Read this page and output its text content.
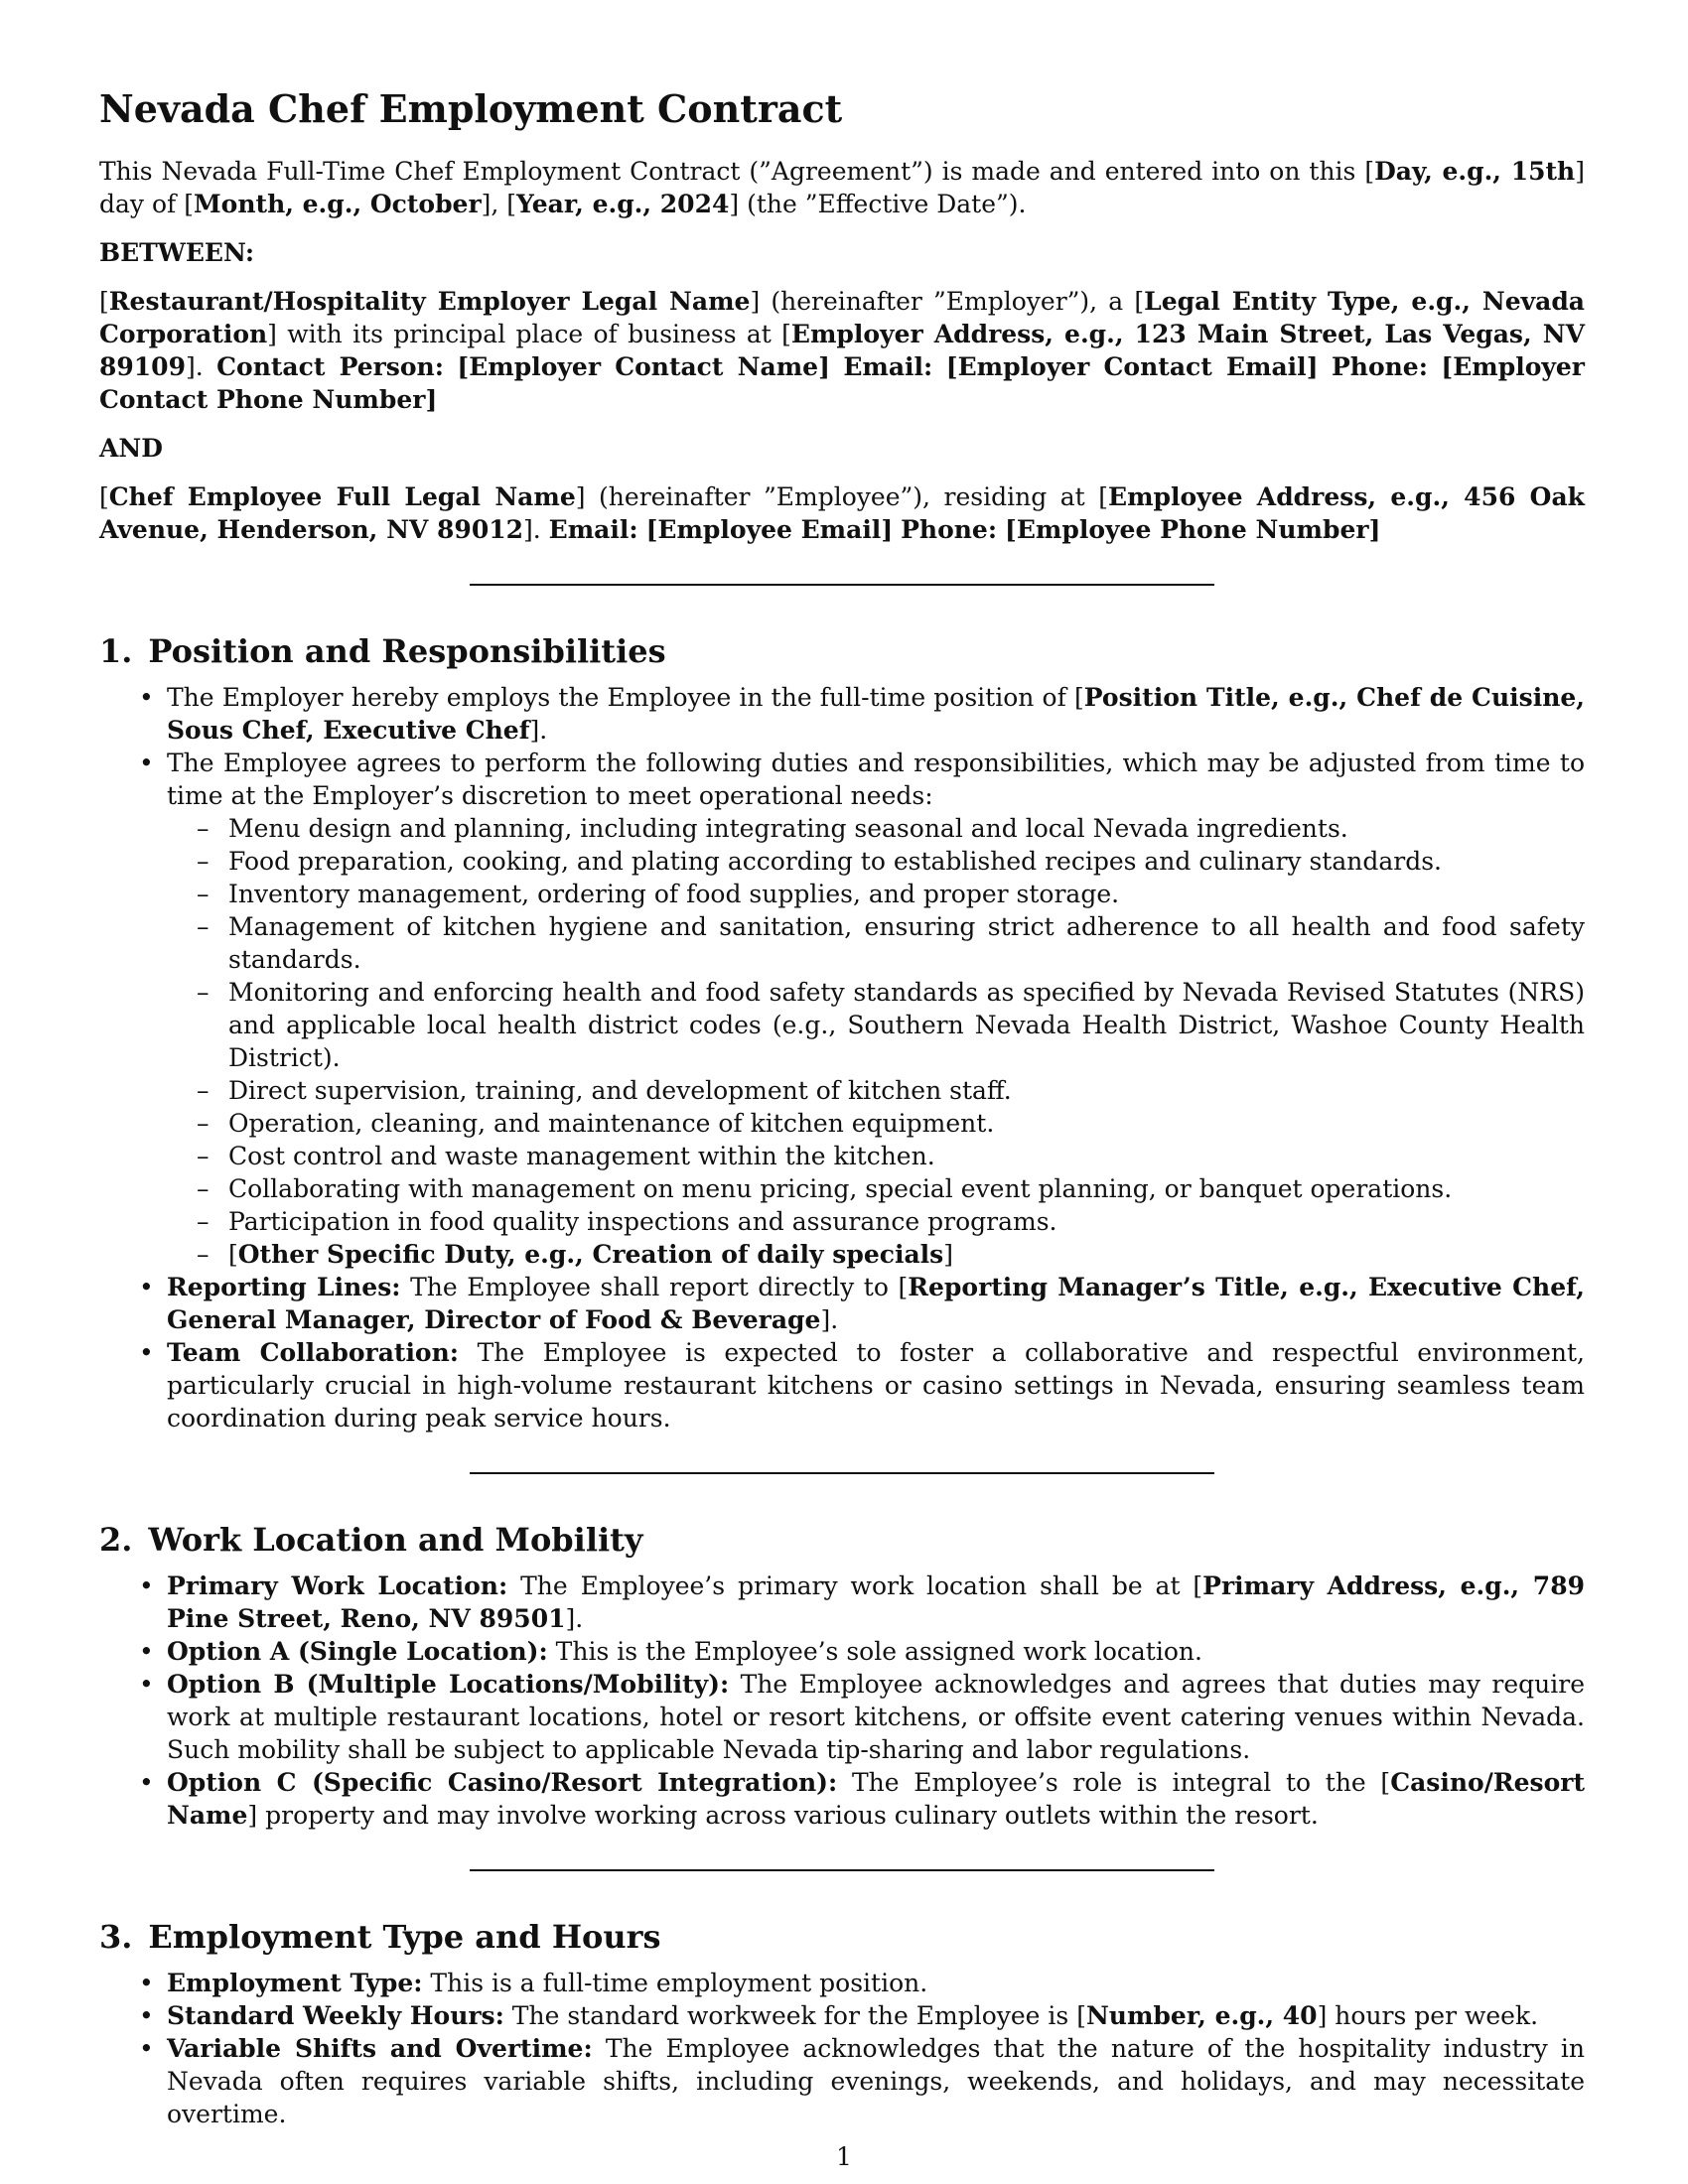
Nevada Chef Employment Contract

This Nevada Full-Time Chef Employment Contract (”Agreement”) is made and entered into on this [Day, e.g., 15th] day of [Month, e.g., October], [Year, e.g., 2024] (the ”Effective Date”).

BETWEEN:

[Restaurant/Hospitality Employer Legal Name] (hereinafter ”Employer”), a [Legal Entity Type, e.g., Nevada Corporation] with its principal place of business at [Employer Address, e.g., 123 Main Street, Las Vegas, NV 89109]. Contact Person: [Employer Contact Name] Email: [Employer Contact Email] Phone: [Employer Contact Phone Number]

AND

[Chef Employee Full Legal Name] (hereinafter ”Employee”), residing at [Employee Address, e.g., 456 Oak Avenue, Henderson, NV 89012]. Email: [Employee Email] Phone: [Employee Phone Number]

1. Position and Responsibilities
• The Employer hereby employs the Employee in the full-time position of [Position Title, e.g., Chef de Cuisine, Sous Chef, Executive Chef].
• The Employee agrees to perform the following duties and responsibilities, which may be adjusted from time to time at the Employer’s discretion to meet operational needs:
– Menu design and planning, including integrating seasonal and local Nevada ingredients.
– Food preparation, cooking, and plating according to established recipes and culinary standards.
– Inventory management, ordering of food supplies, and proper storage.
– Management of kitchen hygiene and sanitation, ensuring strict adherence to all health and food safety standards.
– Monitoring and enforcing health and food safety standards as specified by Nevada Revised Statutes (NRS) and applicable local health district codes (e.g., Southern Nevada Health District, Washoe County Health District).
– Direct supervision, training, and development of kitchen staff.
– Operation, cleaning, and maintenance of kitchen equipment.
– Cost control and waste management within the kitchen.
– Collaborating with management on menu pricing, special event planning, or banquet operations.
– Participation in food quality inspections and assurance programs.
– [Other Specific Duty, e.g., Creation of daily specials]
• Reporting Lines: The Employee shall report directly to [Reporting Manager’s Title, e.g., Executive Chef, General Manager, Director of Food & Beverage].
• Team Collaboration: The Employee is expected to foster a collaborative and respectful environment, particularly crucial in high-volume restaurant kitchens or casino settings in Nevada, ensuring seamless team coordination during peak service hours.
2. Work Location and Mobility
• Primary Work Location: The Employee’s primary work location shall be at [Primary Address, e.g., 789 Pine Street, Reno, NV 89501].
• Option A (Single Location): This is the Employee’s sole assigned work location.
• Option B (Multiple Locations/Mobility): The Employee acknowledges and agrees that duties may require work at multiple restaurant locations, hotel or resort kitchens, or offsite event catering venues within Nevada. Such mobility shall be subject to applicable Nevada tip-sharing and labor regulations.
• Option C (Specific Casino/Resort Integration): The Employee’s role is integral to the [Casino/Resort Name] property and may involve working across various culinary outlets within the resort.
3. Employment Type and Hours
• Employment Type: This is a full-time employment position.
• Standard Weekly Hours: The standard workweek for the Employee is [Number, e.g., 40] hours per week.
• Variable Shifts and Overtime: The Employee acknowledges that the nature of the hospitality industry in Nevada often requires variable shifts, including evenings, weekends, and holidays, and may necessitate overtime.
1
